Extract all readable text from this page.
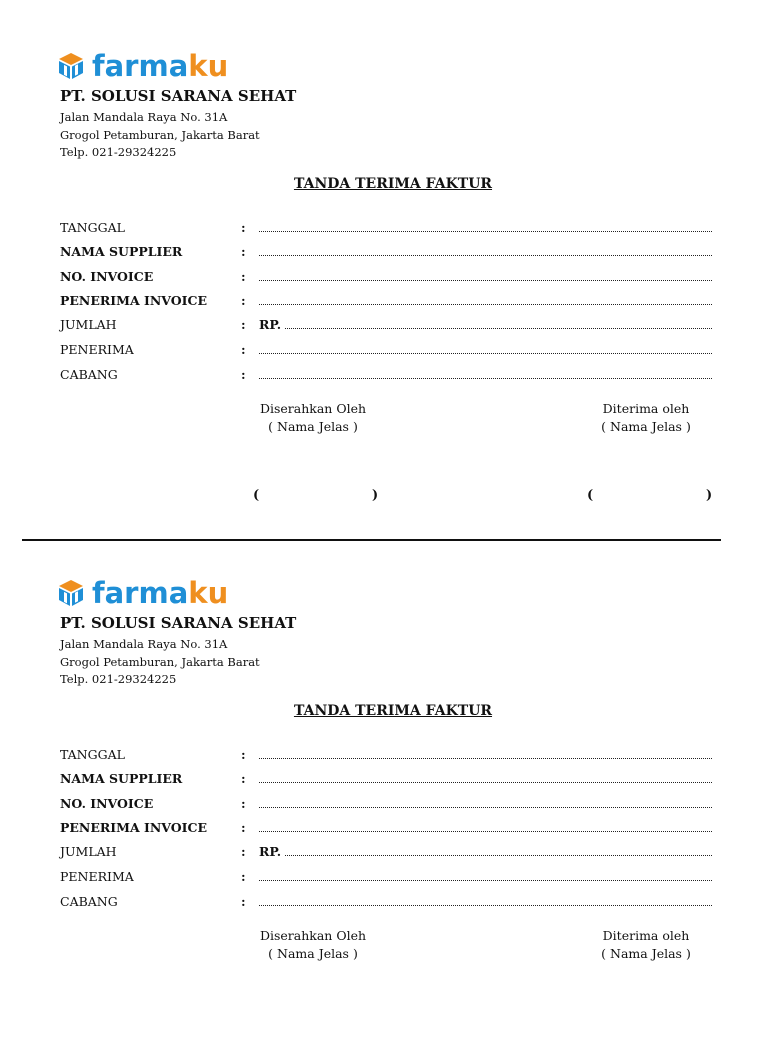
farmaku
PT. SOLUSI SARANA SEHAT
Jalan Mandala Raya No. 31A
Grogol Petamburan, Jakarta Barat
Telp. 021-29324225
TANDA TERIMA FAKTUR
TANGGAL	:
NAMA SUPPLIER	:
NO. INVOICE	:
PENERIMA INVOICE	:
JUMLAH	: RP.
PENERIMA	:
CABANG	:
Diserahkan Oleh
( Nama Jelas )
Diterima oleh
( Nama Jelas )
(	)	(	)
farmaku
PT. SOLUSI SARANA SEHAT
Jalan Mandala Raya No. 31A
Grogol Petamburan, Jakarta Barat
Telp. 021-29324225
TANDA TERIMA FAKTUR
TANGGAL	:
NAMA SUPPLIER	:
NO. INVOICE	:
PENERIMA INVOICE	:
JUMLAH	: RP.
PENERIMA	:
CABANG	:
Diserahkan Oleh
( Nama Jelas )
Diterima oleh
( Nama Jelas )
